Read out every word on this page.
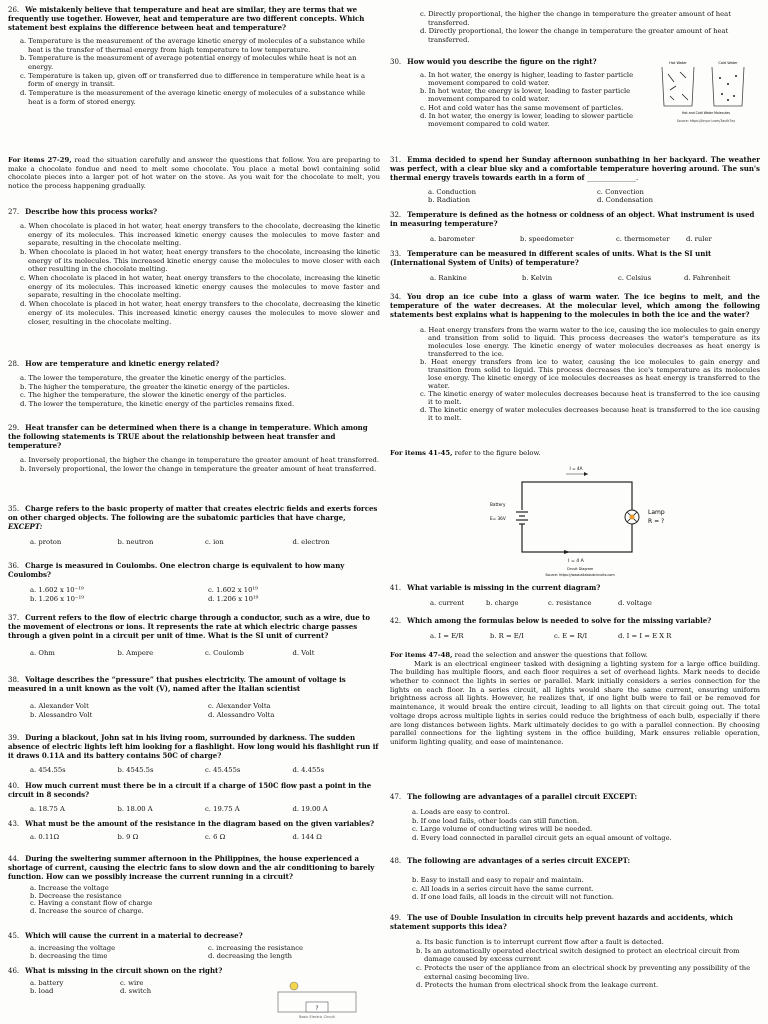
26. We mistakenly believe that temperature and heat are similar, they are terms that we frequently use together. However, heat and temperature are two different concepts. Which statement best explains the difference between heat and temperature?
a. Temperature is the measurement of the average kinetic energy of molecules of a substance while heat is the transfer of thermal energy from high temperature to low temperature.
b. Temperature is the measurement of average potential energy of molecules while heat is not an energy.
c. Temperature is taken up, given off or transferred due to difference in temperature while heat is a form of energy in transit.
d. Temperature is the measurement of the average kinetic energy of molecules of a substance while heat is a form of stored energy.
For items 27-29, read the situation carefully and answer the questions that follow. You are preparing to make a chocolate fondue and need to melt some chocolate. You place a metal bowl containing solid chocolate pieces into a larger pot of hot water on the stove. As you wait for the chocolate to melt, you notice the process happening gradually.
27. Describe how this process works?
a. When chocolate is placed in hot water, heat energy transfers to the chocolate, decreasing the kinetic energy of its molecules. This increased kinetic energy causes the molecules to move faster and separate, resulting in the chocolate melting.
b. When chocolate is placed in hot water, heat energy transfers to the chocolate, increasing the kinetic energy of its molecules. This increased kinetic energy cause the molecules to move closer with each other resulting in the chocolate melting.
c. When chocolate is placed in hot water, heat energy transfers to the chocolate, increasing the kinetic energy of its molecules. This increased kinetic energy causes the molecules to move faster and separate, resulting in the chocolate melting.
d. When chocolate is placed in hot water, heat energy transfers to the chocolate, decreasing the kinetic energy of its molecules. This increased kinetic energy causes the molecules to move slower and closer, resulting in the chocolate melting.
28. How are temperature and kinetic energy related?
a. The lower the temperature, the greater the kinetic energy of the particles.
b. The higher the temperature, the greater the kinetic energy of the particles.
c. The higher the temperature, the slower the kinetic energy of the particles.
d. The lower the temperature, the kinetic energy of the particles remains fixed.
29. Heat transfer can be determined when there is a change in temperature. Which among the following statements is TRUE about the relationship between heat transfer and temperature?
a. Inversely proportional, the higher the change in temperature the greater amount of heat transferred.
b. Inversely proportional, the lower the change in temperature the greater amount of heat transferred.
35. Charge refers to the basic property of matter that creates electric fields and exerts forces on other charged objects. The following are the subatomic particles that have charge, EXCEPT:
a. proton	b. neutron	c. ion	d. electron
36. Charge is measured in Coulombs. One electron charge is equivalent to how many Coulombs?
a. 1.602 x 10⁻¹⁹	c. 1.602 x 10¹⁹
b. 1.206 x 10⁻¹⁹	d. 1.206 x 10¹⁹
37. Current refers to the flow of electric charge through a conductor, such as a wire, due to the movement of electrons or ions. It represents the rate at which electric charge passes through a given point in a circuit per unit of time. What is the SI unit of current?
a. Ohm	b. Ampere	c. Coulomb	d. Volt
38. Voltage describes the “pressure” that pushes electricity. The amount of voltage is measured in a unit known as the volt (V), named after the Italian scientist
a. Alexander Volt	c. Alexander Volta
b. Alessandro Volt	d. Alessandro Volta
39. During a blackout, John sat in his living room, surrounded by darkness. The sudden absence of electric lights left him looking for a flashlight. How long would his flashlight run if it draws 0.11A and its battery contains 50C of charge?
a. 454.55s	b. 4545.5s	c. 45.455s	d. 4.455s
40. How much current must there be in a circuit if a charge of 150C flow past a point in the circuit in 8 seconds?
a. 18.75 A	b. 18.00 A	c. 19.75 A	d. 19.00 A
43. What must be the amount of the resistance in the diagram based on the given variables?
a. 0.11Ω	b. 9 Ω	c. 6 Ω	d. 144 Ω
44. During the sweltering summer afternoon in the Philippines, the house experienced a shortage of current, causing the electric fans to slow down and the air conditioning to barely function. How can we possibly increase the current running in a circuit?
a. Increase the voltage
b. Decrease the resistance
c. Having a constant flow of charge
d. Increase the source of charge.
45. Which will cause the current in a material to decrease?
a. increasing the voltage	c. increasing the resistance
b. decreasing the time	d. decreasing the length
46. What is missing in the circuit shown on the right?
a. battery	c. wire
b. load	d. switch
?
Basic Electric Circuit
c. Directly proportional, the higher the change in temperature the greater amount of heat transferred.
d. Directly proportional, the lower the change in temperature the greater amount of heat transferred.
30. How would you describe the figure on the right?
a. In hot water, the energy is higher, leading to faster particle movement compared to cold water.
b. In hot water, the energy is lower, leading to faster particle movement compared to cold water.
c. Hot and cold water has the same movement of particles.
d. In hot water, the energy is lower, leading to slower particle movement compared to cold water.
Hot Water	Cold Water
Hot and Cold Water Molecules
Source: https://tinyurl.com/3aufk7ey
31. Emma decided to spend her Sunday afternoon sunbathing in her backyard. The weather was perfect, with a clear blue sky and a comfortable temperature hovering around. The sun's thermal energy travels towards earth in a form of ______________.
a. Conduction	c. Convection
b. Radiation	d. Condensation
32. Temperature is defined as the hotness or coldness of an object. What instrument is used in measuring temperature?
a. barometer	b. speedometer	c. thermometer	d. ruler
33. Temperature can be measured in different scales of units. What is the SI unit (International System of Units) of temperature?
a. Rankine	b. Kelvin	c. Celsius	d. Fahrenheit
34. You drop an ice cube into a glass of warm water. The ice begins to melt, and the temperature of the water decreases. At the molecular level, which among the following statements best explains what is happening to the molecules in both the ice and the water?
a. Heat energy transfers from the warm water to the ice, causing the ice molecules to gain energy and transition from solid to liquid. This process decreases the water's temperature as its molecules lose energy. The kinetic energy of water molecules decreases as heat energy is transferred to the ice.
b. Heat energy transfers from ice to water, causing the ice molecules to gain energy and transition from solid to liquid. This process decreases the ice's temperature as its molecules lose energy. The kinetic energy of ice molecules decreases as heat energy is transferred to the water.
c. The kinetic energy of water molecules decreases because heat is transferred to the ice causing it to melt.
d. The kinetic energy of water molecules decreases because heat is transferred to the ice causing it to melt.
For items 41-45, refer to the figure below.
I = 4A
Battery
E= 36V
Lamp
R = ?
I = 4 A
Circuit Diagram
Source: https://www.allaboutcircuits.com
41. What variable is missing in the current diagram?
a. current	b. charge	c. resistance	d. voltage
42. Which among the formulas below is needed to solve for the missing variable?
a. I = E/R	b. R = E/I	c. E = R/I	d. I = I = E X R
For items 47-48, read the selection and answer the questions that follow.
Mark is an electrical engineer tasked with designing a lighting system for a large office building. The building has multiple floors, and each floor requires a set of overhead lights. Mark needs to decide whether to connect the lights in series or parallel. Mark initially considers a series connection for the lights on each floor. In a series circuit, all lights would share the same current, ensuring uniform brightness across all lights. However, he realizes that, if one light bulb were to fail or be removed for maintenance, it would break the entire circuit, leading to all lights on that circuit going out. The total voltage drops across multiple lights in series could reduce the brightness of each bulb, especially if there are long distances between lights. Mark ultimately decides to go with a parallel connection. By choosing parallel connections for the lighting system in the office building, Mark ensures reliable operation, uniform lighting quality, and ease of maintenance.
47. The following are advantages of a parallel circuit EXCEPT:
a. Loads are easy to control.
b. If one load fails, other loads can still function.
c. Large volume of conducting wires will be needed.
d. Every load connected in parallel circuit gets an equal amount of voltage.
48. The following are advantages of a series circuit EXCEPT:
b. Easy to install and easy to repair and maintain.
c. All loads in a series circuit have the same current.
d. If one load fails, all loads in the circuit will not function.
49. The use of Double Insulation in circuits help prevent hazards and accidents, which statement supports this idea?
a. Its basic function is to interrupt current flow after a fault is detected.
b. Is an automatically operated electrical switch designed to protect an electrical circuit from damage caused by excess current
c. Protects the user of the appliance from an electrical shock by preventing any possibility of the external casing becoming live.
d. Protects the human from electrical shock from the leakage current.
